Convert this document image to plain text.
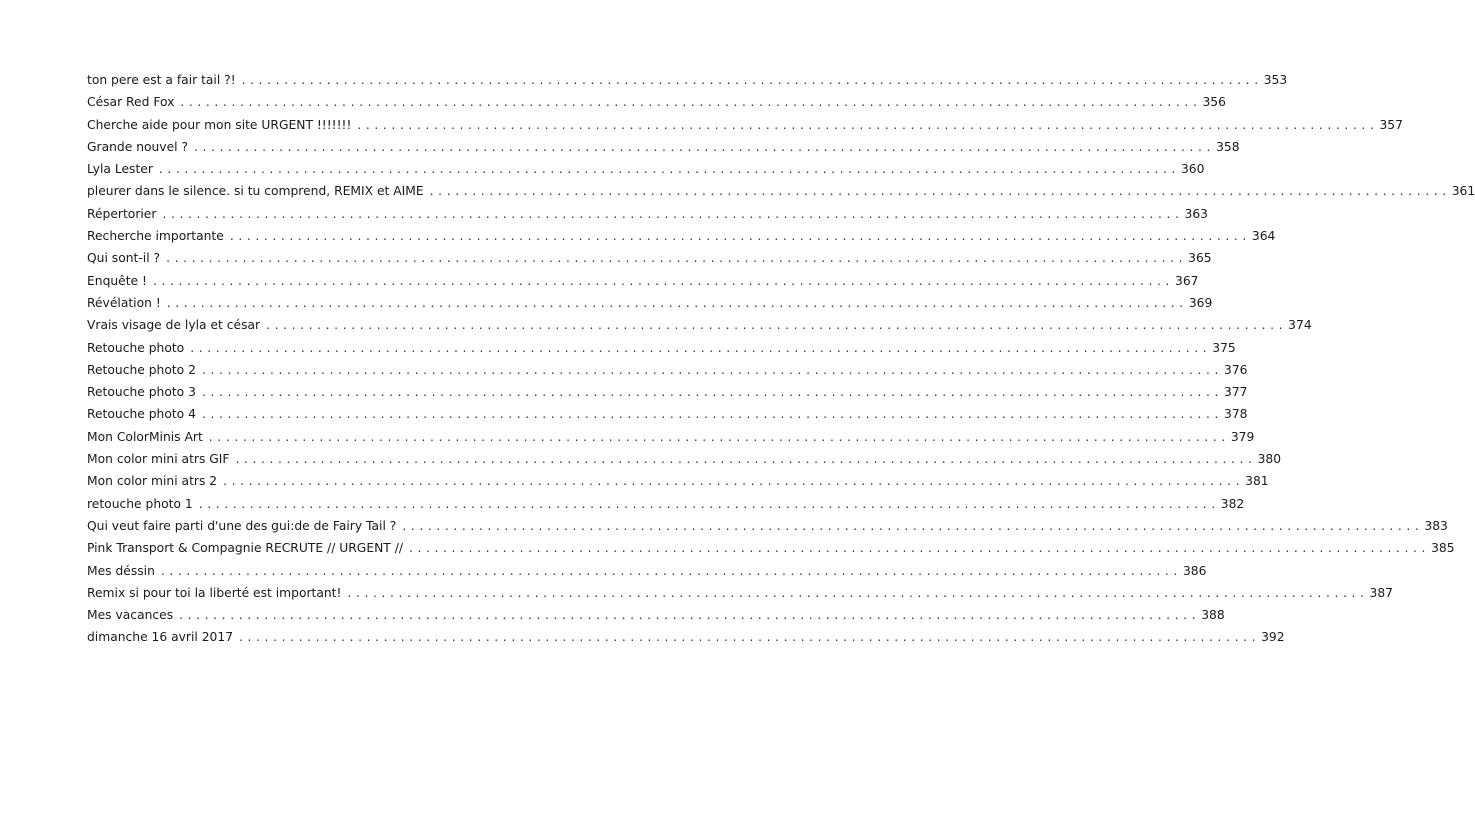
ton pere est a fair tail ?! ........................................................................................................................ 353
César Red Fox ........................................................................................................................ 356
Cherche aide pour mon site URGENT !!!!!!! ........................................................................................................................ 357
Grande nouvel ? ........................................................................................................................ 358
Lyla Lester ........................................................................................................................ 360
pleurer dans le silence. si tu comprend, REMIX et AIME ........................................................................................................................ 361
Répertorier ........................................................................................................................ 363
Recherche importante ........................................................................................................................ 364
Qui sont-il ? ........................................................................................................................ 365
Enquête ! ........................................................................................................................ 367
Révélation ! ........................................................................................................................ 369
Vrais visage de lyla et césar ........................................................................................................................ 374
Retouche photo ........................................................................................................................ 375
Retouche photo 2 ........................................................................................................................ 376
Retouche photo 3 ........................................................................................................................ 377
Retouche photo 4 ........................................................................................................................ 378
Mon ColorMinis Art ........................................................................................................................ 379
Mon color mini atrs GIF ........................................................................................................................ 380
Mon color mini atrs 2 ........................................................................................................................ 381
retouche photo 1 ........................................................................................................................ 382
Qui veut faire parti d'une des gui:de de Fairy Tail ? ........................................................................................................................ 383
Pink Transport & Compagnie RECRUTE // URGENT // ........................................................................................................................ 385
Mes déssin ........................................................................................................................ 386
Remix si pour toi la liberté est important! ........................................................................................................................ 387
Mes vacances ........................................................................................................................ 388
dimanche 16 avril 2017 ........................................................................................................................ 392
